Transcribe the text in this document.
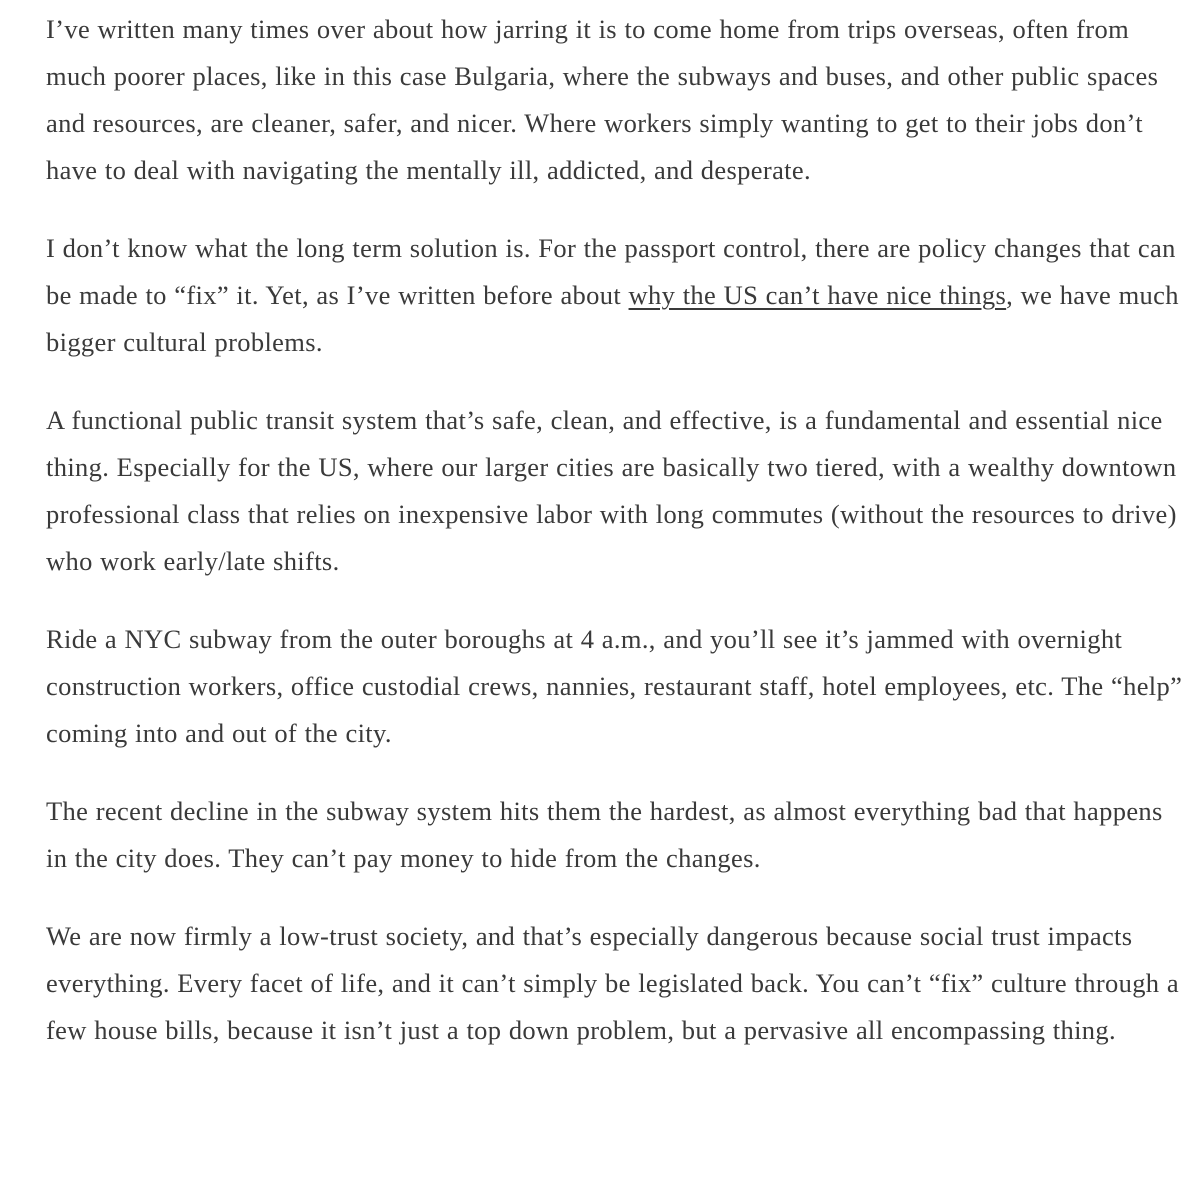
I’ve written many times over about how jarring it is to come home from trips overseas, often from much poorer places, like in this case Bulgaria, where the subways and buses, and other public spaces and resources, are cleaner, safer, and nicer. Where workers simply wanting to get to their jobs don’t have to deal with navigating the mentally ill, addicted, and desperate.

I don’t know what the long term solution is. For the passport control, there are policy changes that can be made to “fix” it. Yet, as I’ve written before about why the US can’t have nice things, we have much bigger cultural problems.

A functional public transit system that’s safe, clean, and effective, is a fundamental and essential nice thing. Especially for the US, where our larger cities are basically two tiered, with a wealthy downtown professional class that relies on inexpensive labor with long commutes (without the resources to drive) who work early/late shifts.

Ride a NYC subway from the outer boroughs at 4 a.m., and you’ll see it’s jammed with overnight construction workers, office custodial crews, nannies, restaurant staff, hotel employees, etc. The “help” coming into and out of the city.

The recent decline in the subway system hits them the hardest, as almost everything bad that happens in the city does. They can’t pay money to hide from the changes.

We are now firmly a low-trust society, and that’s especially dangerous because social trust impacts everything. Every facet of life, and it can’t simply be legislated back. You can’t “fix” culture through a few house bills, because it isn’t just a top down problem, but a pervasive all encompassing thing.
